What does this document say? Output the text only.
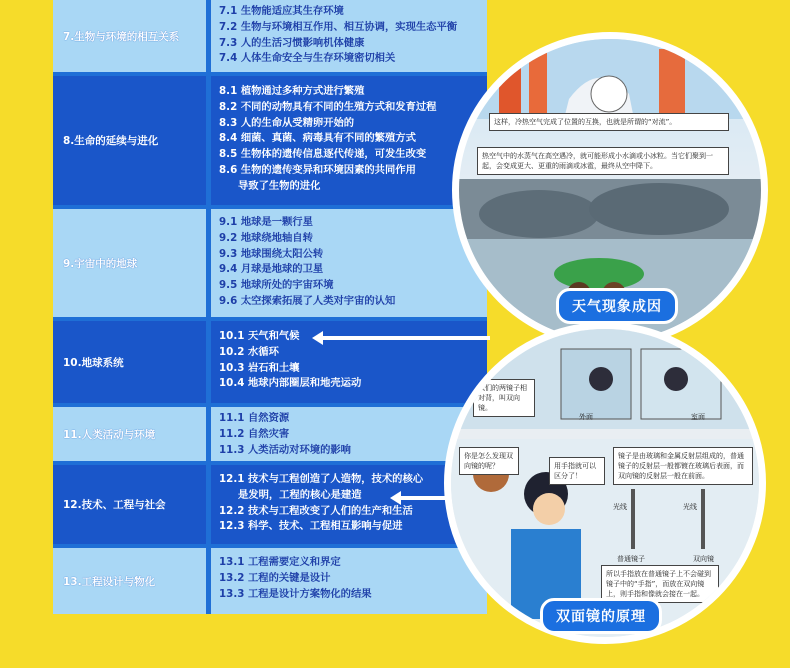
7.生物与环境的相互关系
7.1 生物能适应其生存环境
7.2 生物与环境相互作用、相互协调，实现生态平衡
7.3 人的生活习惯影响机体健康
7.4 人体生命安全与生存环境密切相关
8.生命的延续与进化
8.1 植物通过多种方式进行繁殖
8.2 不同的动物具有不同的生殖方式和发育过程
8.3 人的生命从受精卵开始的
8.4 细菌、真菌、病毒具有不同的繁殖方式
8.5 生物体的遗传信息逐代传递，可发生改变
8.6 生物的遗传变异和环境因素的共同作用
导致了生物的进化
9.宇宙中的地球
9.1 地球是一颗行星
9.2 地球绕地轴自转
9.3 地球围绕太阳公转
9.4 月球是地球的卫星
9.5 地球所处的宇宙环境
9.6 太空探索拓展了人类对宇宙的认知
10.地球系统
10.1 天气和气候
10.2 水循环
10.3 岩石和土壤
10.4 地球内部圈层和地壳运动
11.人类活动与环境
11.1 自然资源
11.2 自然灾害
11.3 人类活动对环境的影响
12.技术、工程与社会
12.1 技术与工程创造了人造物，技术的核心
是发明，工程的核心是建造
12.2 技术与工程改变了人们的生产和生活
12.3 科学、技术、工程相互影响与促进
13.工程设计与物化
13.1 工程需要定义和界定
13.2 工程的关键是设计
13.3 工程是设计方案物化的结果
这样，冷热空气完成了位置的互换，也就是所谓的“对流”。
热空气中的水蒸气在高空遇冷，就可能形成小水滴或小冰粒。当它们聚到一起，会变成更大、更重的雨滴或冰雹，最终从空中降下。
天气现象成因
我们的两镜子相对背，叫双向镜。
你是怎么发现双向镜的呢？	用手指就可以区分了！
镜子是由玻璃和金属反射层组成的，普通镜子的反射层一般都镀在玻璃后表面，而双向镜的反射层一般在前面。
外面	室面
光线	光线
普通镜子	双向镜
所以手指放在普通镜子上不会碰到镜子中的“手指”，而放在双向镜上，则手指和像就会接在一起。
双面镜的原理
